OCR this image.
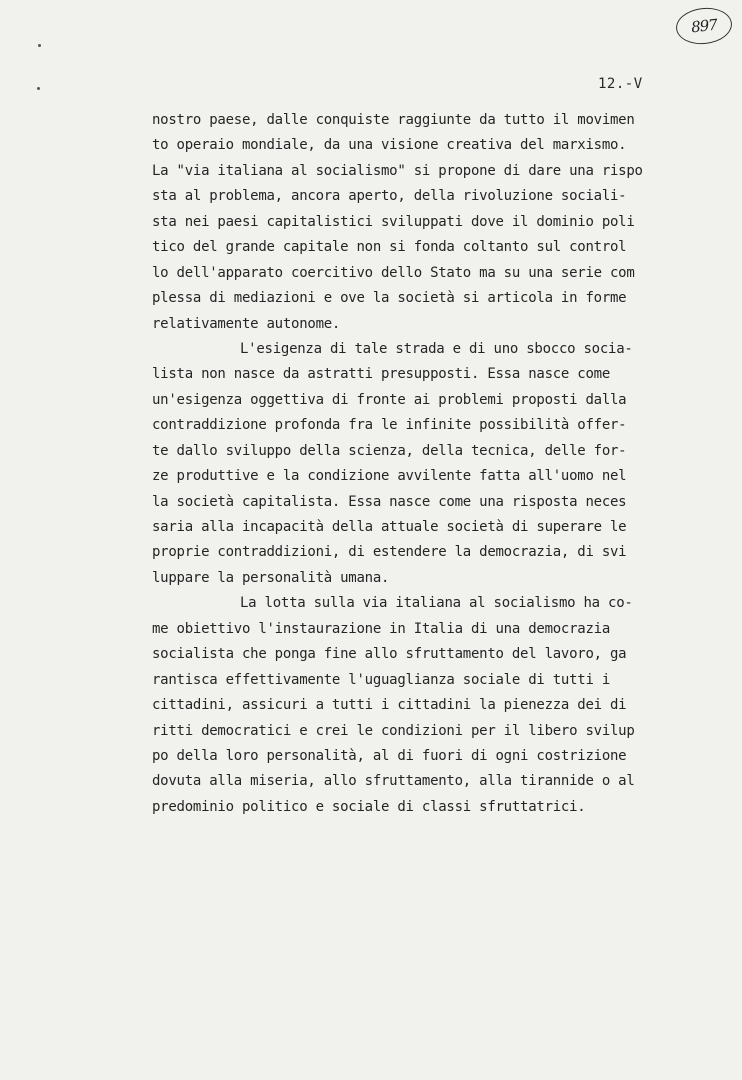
897
12.-V
nostro paese, dalle conquiste raggiunte da tutto il movimen
to operaio mondiale, da una visione creativa del marxismo.
La "via italiana al socialismo" si propone di dare una rispo
sta al problema, ancora aperto, della rivoluzione sociali-
sta nei paesi capitalistici sviluppati dove il dominio poli
tico del grande capitale non si fonda coltanto sul control
lo dell'apparato coercitivo dello Stato ma su una serie com
plessa di mediazioni e ove la società si articola in forme
relativamente autonome.
L'esigenza di tale strada e di uno sbocco socia-
lista non nasce da astratti presupposti. Essa nasce come
un'esigenza oggettiva di fronte ai problemi proposti dalla
contraddizione profonda fra le infinite possibilità offer-
te dallo sviluppo della scienza, della tecnica, delle for-
ze produttive e la condizione avvilente fatta all'uomo nel
la società capitalista. Essa nasce come una risposta neces
saria alla incapacità della attuale società di superare le
proprie contraddizioni, di estendere la democrazia, di svi
luppare la personalità umana.
La lotta sulla via italiana al socialismo ha co-
me obiettivo l'instaurazione in Italia di una democrazia
socialista che ponga fine allo sfruttamento del lavoro, ga
rantisca effettivamente l'uguaglianza sociale di tutti i
cittadini, assicuri a tutti i cittadini la pienezza dei di
ritti democratici e crei le condizioni per il libero svilup
po della loro personalità, al di fuori di ogni costrizione
dovuta alla miseria, allo sfruttamento, alla tirannide o al
predominio politico e sociale di classi sfruttatrici.
